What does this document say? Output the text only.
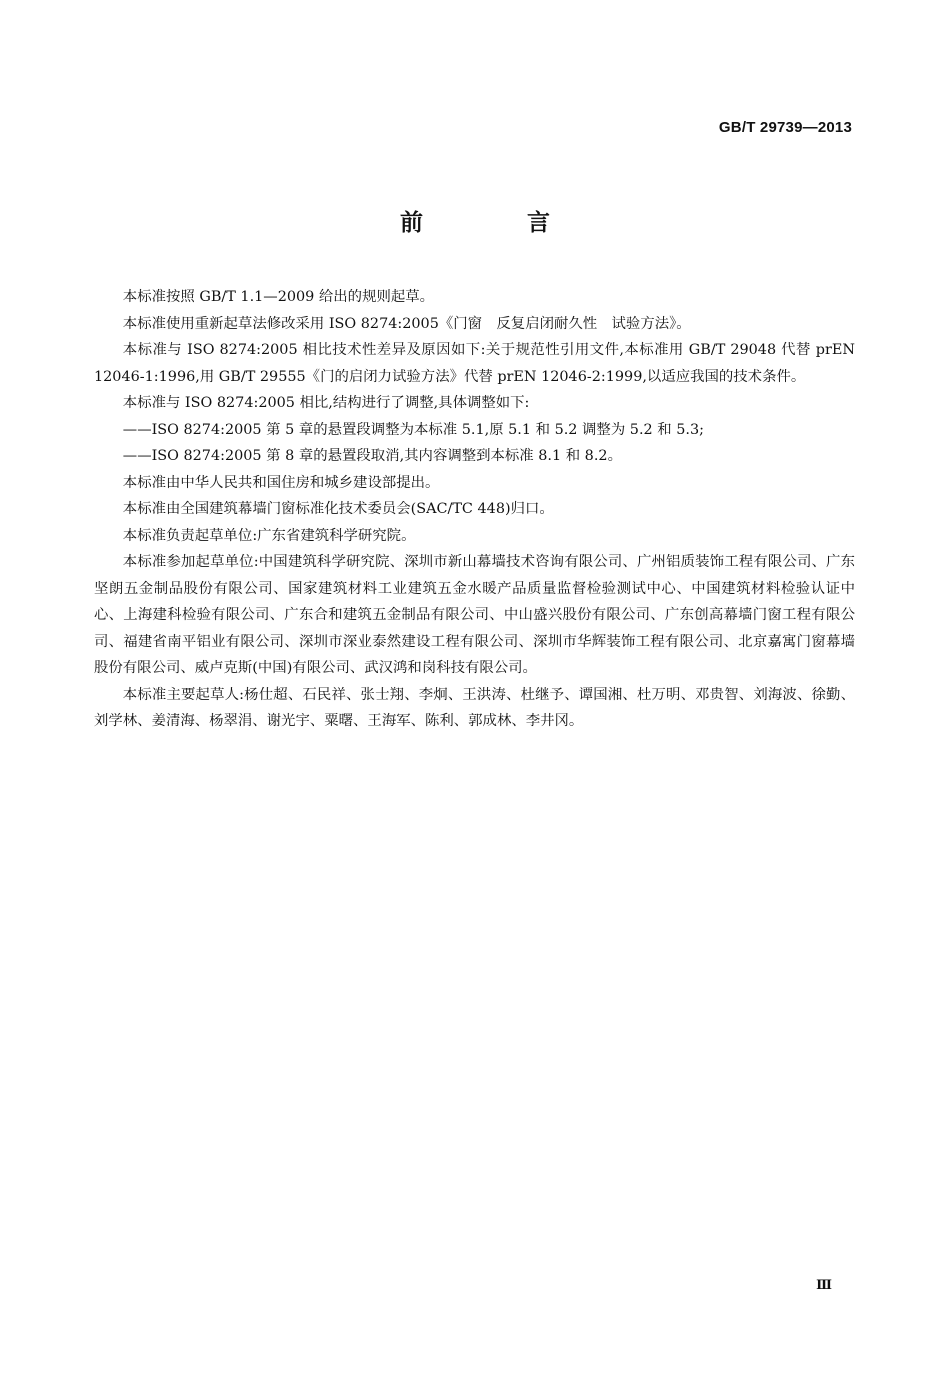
GB/T 29739—2013
前 言

本标准按照 GB/T 1.1—2009 给出的规则起草。

本标准使用重新起草法修改采用 ISO 8274:2005《门窗　反复启闭耐久性　试验方法》。

本标准与 ISO 8274:2005 相比技术性差异及原因如下:关于规范性引用文件,本标准用 GB/T 29048 代替 prEN 12046-1:1996,用 GB/T 29555《门的启闭力试验方法》代替 prEN 12046-2:1999,以适应我国的技术条件。

本标准与 ISO 8274:2005 相比,结构进行了调整,具体调整如下:

——ISO 8274:2005 第 5 章的悬置段调整为本标准 5.1,原 5.1 和 5.2 调整为 5.2 和 5.3;

——ISO 8274:2005 第 8 章的悬置段取消,其内容调整到本标准 8.1 和 8.2。

本标准由中华人民共和国住房和城乡建设部提出。

本标准由全国建筑幕墙门窗标准化技术委员会(SAC/TC 448)归口。

本标准负责起草单位:广东省建筑科学研究院。

本标准参加起草单位:中国建筑科学研究院、深圳市新山幕墙技术咨询有限公司、广州铝质装饰工程有限公司、广东坚朗五金制品股份有限公司、国家建筑材料工业建筑五金水暖产品质量监督检验测试中心、中国建筑材料检验认证中心、上海建科检验有限公司、广东合和建筑五金制品有限公司、中山盛兴股份有限公司、广东创高幕墙门窗工程有限公司、福建省南平铝业有限公司、深圳市深业泰然建设工程有限公司、深圳市华辉装饰工程有限公司、北京嘉寓门窗幕墙股份有限公司、威卢克斯(中国)有限公司、武汉鸿和岗科技有限公司。

本标准主要起草人:杨仕超、石民祥、张士翔、李炯、王洪涛、杜继予、谭国湘、杜万明、邓贵智、刘海波、徐勤、刘学林、姜清海、杨翠涓、谢光宇、粟曙、王海军、陈利、郭成林、李井冈。

Ⅲ
